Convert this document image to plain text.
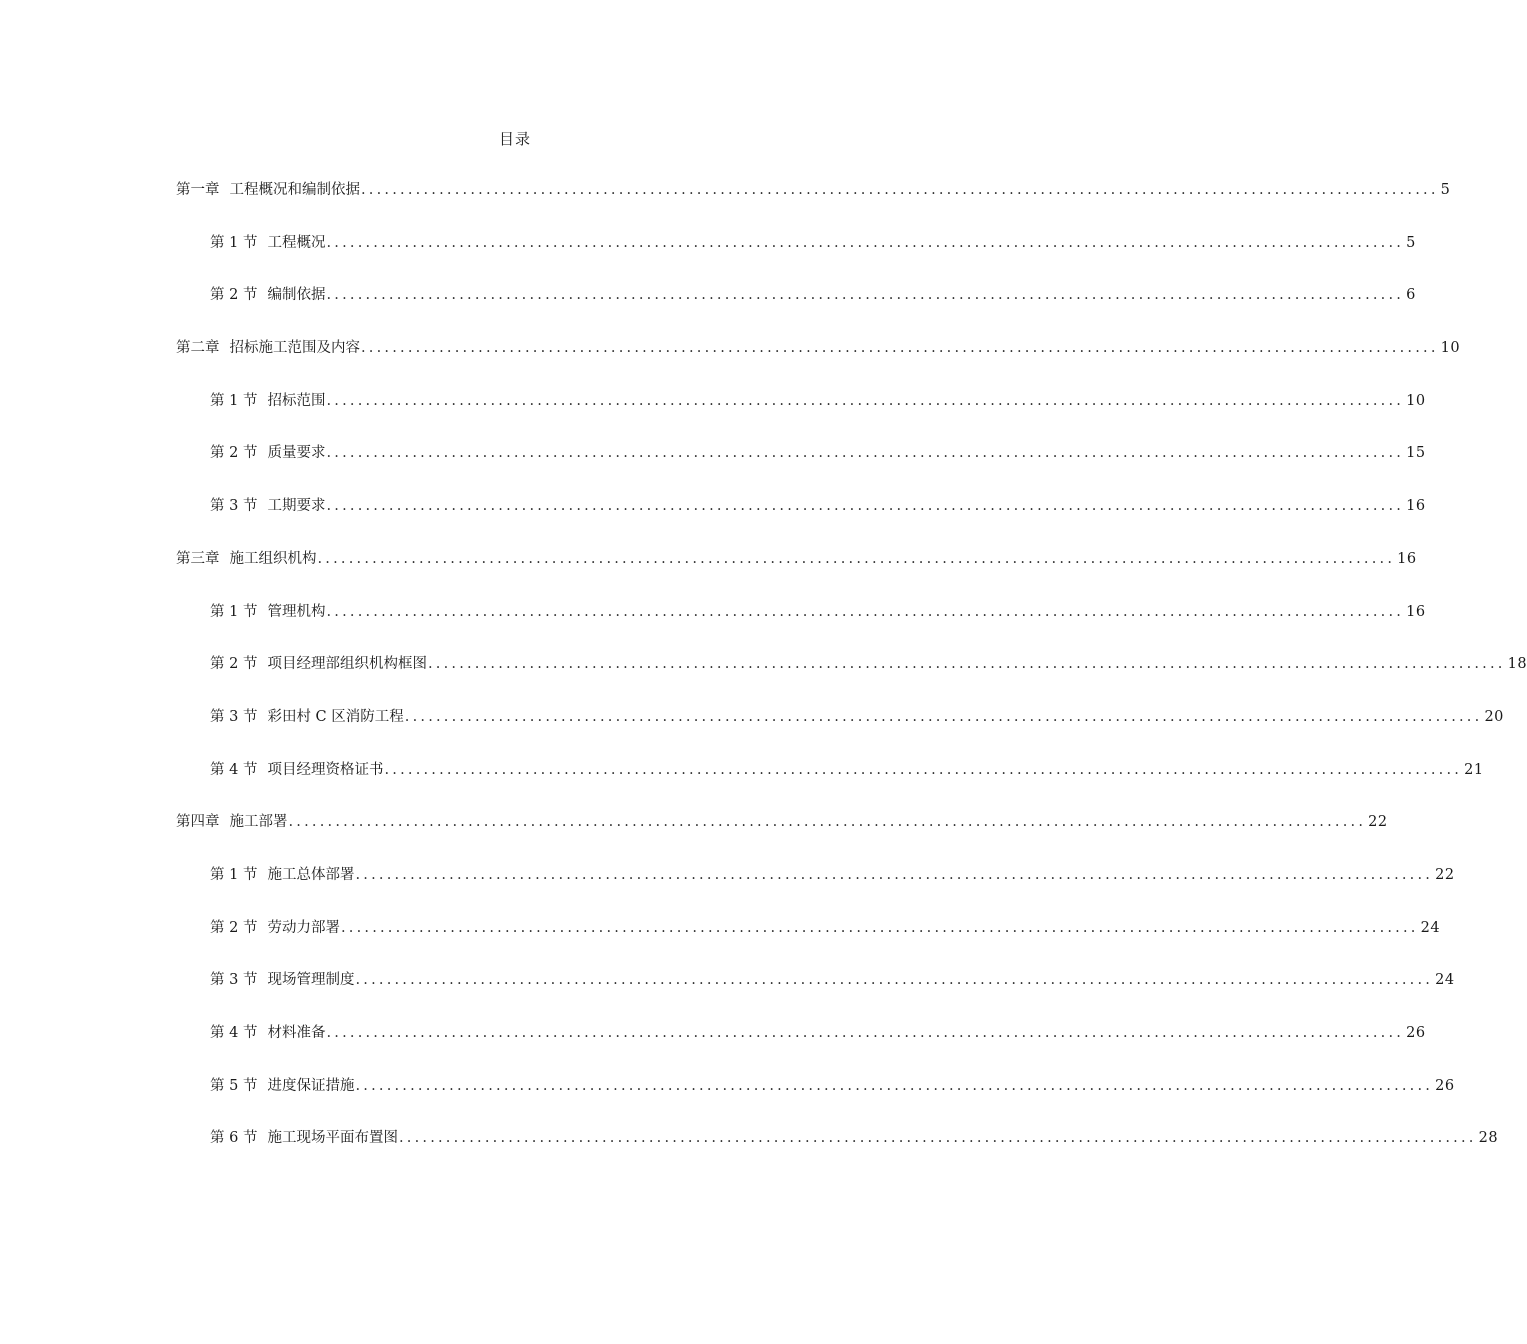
目录
第一章 工程概况和编制依据 .......................................................................................................................................... 5
第 1 节 工程概况 .......................................................................................................................................... 5
第 2 节 编制依据 .......................................................................................................................................... 6
第二章 招标施工范围及内容 .......................................................................................................................................... 10
第 1 节 招标范围 .......................................................................................................................................... 10
第 2 节 质量要求 .......................................................................................................................................... 15
第 3 节 工期要求 .......................................................................................................................................... 16
第三章 施工组织机构 .......................................................................................................................................... 16
第 1 节 管理机构 .......................................................................................................................................... 16
第 2 节 项目经理部组织机构框图 .......................................................................................................................................... 18
第 3 节 彩田村 C 区消防工程 .......................................................................................................................................... 20
第 4 节 项目经理资格证书 .......................................................................................................................................... 21
第四章 施工部署 .......................................................................................................................................... 22
第 1 节 施工总体部署 .......................................................................................................................................... 22
第 2 节 劳动力部署 .......................................................................................................................................... 24
第 3 节 现场管理制度 .......................................................................................................................................... 24
第 4 节 材料准备 .......................................................................................................................................... 26
第 5 节 进度保证措施 .......................................................................................................................................... 26
第 6 节 施工现场平面布置图 .......................................................................................................................................... 28
